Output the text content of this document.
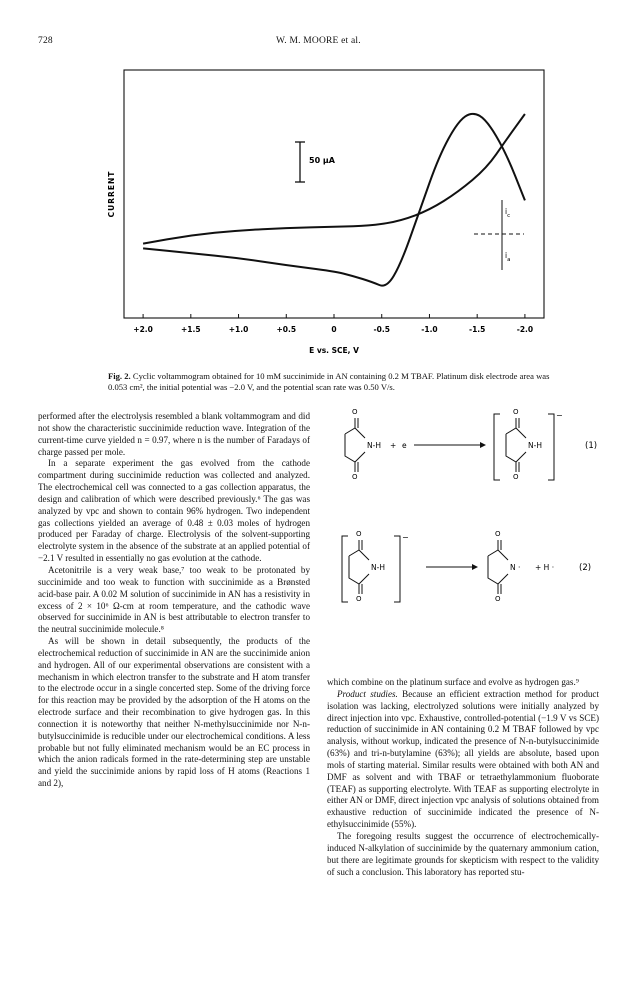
728	W. M. MOORE et al.
CURRENT
+2.0	+1.5	+1.0	+0.5	0	-0.5	-1.0	-1.5	-2.0
E vs. SCE, V
50 μA
$i_c$
$i_a$
Fig. 2. Cyclic voltammogram obtained for 10 mM succinimide in AN containing 0.2 M TBAF. Platinum disk electrode area was 0.053 cm², the initial potential was −2.0 V, and the potential scan rate was 0.50 V/s.
O
O
N-H + e
−
O
O
N-H	(1)
−
O
O
N-H
O
O
N · + H ·	(2)

performed after the electrolysis resembled a blank voltammogram and did not show the characteristic succinimide reduction wave. Integration of the current-time curve yielded n = 0.97, where n is the number of Faradays of charge passed per mole.

In a separate experiment the gas evolved from the cathode compartment during succinimide reduction was collected and analyzed. The electrochemical cell was connected to a gas collection apparatus, the design and calibration of which were described previously.⁶ The gas was analyzed by vpc and shown to contain 96% hydrogen. Two independent gas collections yielded an average of 0.48 ± 0.03 moles of hydrogen produced per Faraday of charge. Electrolysis of the solvent-supporting electrolyte system in the absence of the substrate at an applied potential of −2.1 V resulted in essentially no gas evolution at the cathode.

Acetonitrile is a very weak base,⁷ too weak to be protonated by succinimide and too weak to function with succinimide as a Brønsted acid-base pair. A 0.02 M solution of succinimide in AN has a resistivity in excess of 2 × 10⁶ Ω-cm at room temperature, and the cathodic wave observed for succinimide in AN is best attributable to electron transfer to the neutral succinimide molecule.⁸

As will be shown in detail subsequently, the products of the electrochemical reduction of succinimide in AN are the succinimide anion and hydrogen. All of our experimental observations are consistent with a mechanism in which electron transfer to the substrate and H atom transfer to the electrode occur in a single concerted step. Some of the driving force for this reaction may be provided by the adsorption of the H atoms on the electrode surface and their recombination to give hydrogen gas. In this connection it is noteworthy that neither N-methylsuccinimide nor N-n-butylsuccinimide is reducible under our electrochemical conditions. A less probable but not fully eliminated mechanism would be an EC process in which the anion radicals formed in the rate-determining step are unstable and yield the succinimide anions by rapid loss of H atoms (Reactions 1 and 2),

which combine on the platinum surface and evolve as hydrogen gas.⁹

Product studies. Because an efficient extraction method for product isolation was lacking, electrolyzed solutions were initially analyzed by direct injection into vpc. Exhaustive, controlled-potential (−1.9 V vs SCE) reduction of succinimide in AN containing 0.2 M TBAF followed by vpc analysis, without workup, indicated the presence of N-n-butylsuccinimide (63%) and tri-n-butylamine (63%); all yields are absolute, based upon mols of starting material. Similar results were obtained with both AN and DMF as solvent and with TBAF or tetraethylammonium fluoborate (TEAF) as supporting electrolyte. With TEAF as supporting electrolyte in either AN or DMF, direct injection vpc analysis of solutions obtained from exhaustive reduction of succinimide indicated the presence of N-ethylsuccinimide (55%).

The foregoing results suggest the occurrence of electrochemically-induced N-alkylation of succinimide by the quaternary ammonium cation, but there are legitimate grounds for skepticism with respect to the validity of such a conclusion. This laboratory has reported stu-
